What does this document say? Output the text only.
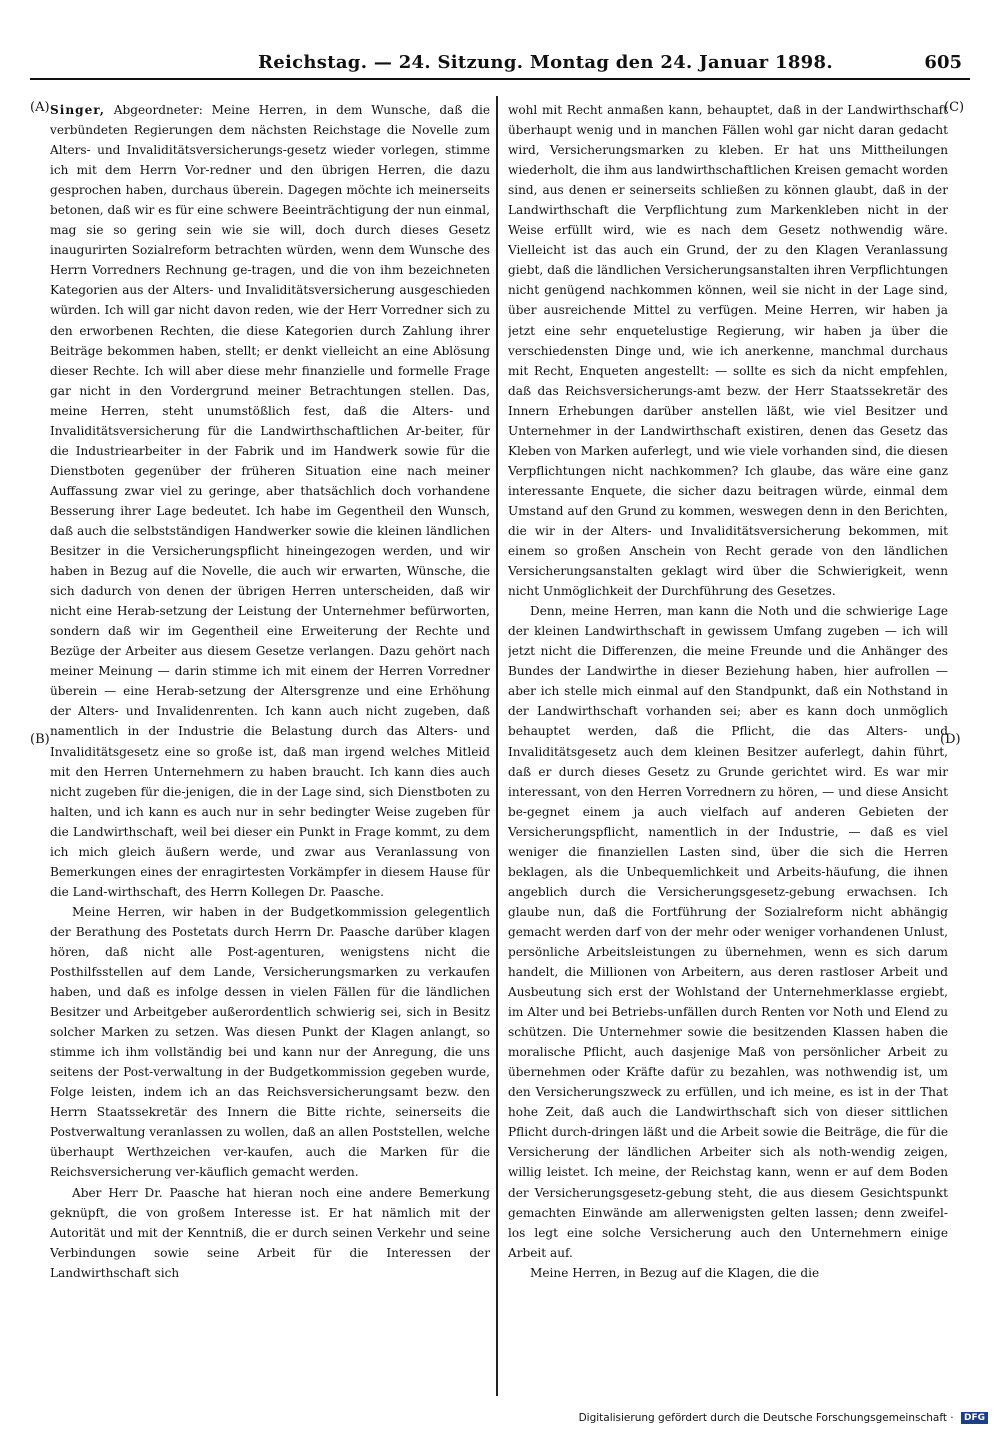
Reichstag. — 24. Sitzung. Montag den 24. Januar 1898.	605
(A)
(B)
(C)
(D)

Singer, Abgeordneter: Meine Herren, in dem Wunsche, daß die verbündeten Regierungen dem nächsten Reichstage die Novelle zum Alters- und Invaliditätsversicherungs-gesetz wieder vorlegen, stimme ich mit dem Herrn Vor-redner und den übrigen Herren, die dazu gesprochen haben, durchaus überein. Dagegen möchte ich meinerseits betonen, daß wir es für eine schwere Beeinträchtigung der nun einmal, mag sie so gering sein wie sie will, doch durch dieses Gesetz inaugurirten Sozialreform betrachten würden, wenn dem Wunsche des Herrn Vorredners Rechnung ge-tragen, und die von ihm bezeichneten Kategorien aus der Alters- und Invaliditätsversicherung ausgeschieden würden. Ich will gar nicht davon reden, wie der Herr Vorredner sich zu den erworbenen Rechten, die diese Kategorien durch Zahlung ihrer Beiträge bekommen haben, stellt; er denkt vielleicht an eine Ablösung dieser Rechte. Ich will aber diese mehr finanzielle und formelle Frage gar nicht in den Vordergrund meiner Betrachtungen stellen. Das, meine Herren, steht unumstößlich fest, daß die Alters- und Invaliditätsversicherung für die Landwirthschaftlichen Ar-beiter, für die Industriearbeiter in der Fabrik und im Handwerk sowie für die Dienstboten gegenüber der früheren Situation eine nach meiner Auffassung zwar viel zu geringe, aber thatsächlich doch vorhandene Besserung ihrer Lage bedeutet. Ich habe im Gegentheil den Wunsch, daß auch die selbstständigen Handwerker sowie die kleinen ländlichen Besitzer in die Versicherungspflicht hineingezogen werden, und wir haben in Bezug auf die Novelle, die auch wir erwarten, Wünsche, die sich dadurch von denen der übrigen Herren unterscheiden, daß wir nicht eine Herab-setzung der Leistung der Unternehmer befürworten, sondern daß wir im Gegentheil eine Erweiterung der Rechte und Bezüge der Arbeiter aus diesem Gesetze verlangen. Dazu gehört nach meiner Meinung — darin stimme ich mit einem der Herren Vorredner überein — eine Herab-setzung der Altersgrenze und eine Erhöhung der Alters- und Invalidenrenten. Ich kann auch nicht zugeben, daß namentlich in der Industrie die Belastung durch das Alters- und Invaliditätsgesetz eine so große ist, daß man irgend welches Mitleid mit den Herren Unternehmern zu haben braucht. Ich kann dies auch nicht zugeben für die-jenigen, die in der Lage sind, sich Dienstboten zu halten, und ich kann es auch nur in sehr bedingter Weise zugeben für die Landwirthschaft, weil bei dieser ein Punkt in Frage kommt, zu dem ich mich gleich äußern werde, und zwar aus Veranlassung von Bemerkungen eines der enragirtesten Vorkämpfer in diesem Hause für die Land-wirthschaft, des Herrn Kollegen Dr. Paasche.

Meine Herren, wir haben in der Budgetkommission gelegentlich der Berathung des Postetats durch Herrn Dr. Paasche darüber klagen hören, daß nicht alle Post-agenturen, wenigstens nicht die Posthilfsstellen auf dem Lande, Versicherungsmarken zu verkaufen haben, und daß es infolge dessen in vielen Fällen für die ländlichen Besitzer und Arbeitgeber außerordentlich schwierig sei, sich in Besitz solcher Marken zu setzen. Was diesen Punkt der Klagen anlangt, so stimme ich ihm vollständig bei und kann nur der Anregung, die uns seitens der Post-verwaltung in der Budgetkommission gegeben wurde, Folge leisten, indem ich an das Reichsversicherungsamt bezw. den Herrn Staatssekretär des Innern die Bitte richte, seinerseits die Postverwaltung veranlassen zu wollen, daß an allen Poststellen, welche überhaupt Werthzeichen ver-kaufen, auch die Marken für die Reichsversicherung ver-käuflich gemacht werden.

Aber Herr Dr. Paasche hat hieran noch eine andere Bemerkung geknüpft, die von großem Interesse ist. Er hat nämlich mit der Autorität und mit der Kenntniß, die er durch seinen Verkehr und seine Verbindungen sowie seine Arbeit für die Interessen der Landwirthschaft sich

wohl mit Recht anmaßen kann, behauptet, daß in der Landwirthschaft überhaupt wenig und in manchen Fällen wohl gar nicht daran gedacht wird, Versicherungsmarken zu kleben. Er hat uns Mittheilungen wiederholt, die ihm aus landwirthschaftlichen Kreisen gemacht worden sind, aus denen er seinerseits schließen zu können glaubt, daß in der Landwirthschaft die Verpflichtung zum Markenkleben nicht in der Weise erfüllt wird, wie es nach dem Gesetz nothwendig wäre. Vielleicht ist das auch ein Grund, der zu den Klagen Veranlassung giebt, daß die ländlichen Versicherungsanstalten ihren Verpflichtungen nicht genügend nachkommen können, weil sie nicht in der Lage sind, über ausreichende Mittel zu verfügen. Meine Herren, wir haben ja jetzt eine sehr enquetelustige Regierung, wir haben ja über die verschiedensten Dinge und, wie ich anerkenne, manchmal durchaus mit Recht, Enqueten angestellt: — sollte es sich da nicht empfehlen, daß das Reichsversicherungs-amt bezw. der Herr Staatssekretär des Innern Erhebungen darüber anstellen läßt, wie viel Besitzer und Unternehmer in der Landwirthschaft existiren, denen das Gesetz das Kleben von Marken auferlegt, und wie viele vorhanden sind, die diesen Verpflichtungen nicht nachkommen? Ich glaube, das wäre eine ganz interessante Enquete, die sicher dazu beitragen würde, einmal dem Umstand auf den Grund zu kommen, weswegen denn in den Berichten, die wir in der Alters- und Invaliditätsversicherung bekommen, mit einem so großen Anschein von Recht gerade von den ländlichen Versicherungsanstalten geklagt wird über die Schwierigkeit, wenn nicht Unmöglichkeit der Durchführung des Gesetzes.

Denn, meine Herren, man kann die Noth und die schwierige Lage der kleinen Landwirthschaft in gewissem Umfang zugeben — ich will jetzt nicht die Differenzen, die meine Freunde und die Anhänger des Bundes der Landwirthe in dieser Beziehung haben, hier aufrollen — aber ich stelle mich einmal auf den Standpunkt, daß ein Nothstand in der Landwirthschaft vorhanden sei; aber es kann doch unmöglich behauptet werden, daß die Pflicht, die das Alters- und Invaliditätsgesetz auch dem kleinen Besitzer auferlegt, dahin führt, daß er durch dieses Gesetz zu Grunde gerichtet wird. Es war mir interessant, von den Herren Vorrednern zu hören, — und diese Ansicht be-gegnet einem ja auch vielfach auf anderen Gebieten der Versicherungspflicht, namentlich in der Industrie, — daß es viel weniger die finanziellen Lasten sind, über die sich die Herren beklagen, als die Unbequemlichkeit und Arbeits-häufung, die ihnen angeblich durch die Versicherungsgesetz-gebung erwachsen. Ich glaube nun, daß die Fortführung der Sozialreform nicht abhängig gemacht werden darf von der mehr oder weniger vorhandenen Unlust, persönliche Arbeitsleistungen zu übernehmen, wenn es sich darum handelt, die Millionen von Arbeitern, aus deren rastloser Arbeit und Ausbeutung sich erst der Wohlstand der Unternehmerklasse ergiebt, im Alter und bei Betriebs-unfällen durch Renten vor Noth und Elend zu schützen. Die Unternehmer sowie die besitzenden Klassen haben die moralische Pflicht, auch dasjenige Maß von persönlicher Arbeit zu übernehmen oder Kräfte dafür zu bezahlen, was nothwendig ist, um den Versicherungszweck zu erfüllen, und ich meine, es ist in der That hohe Zeit, daß auch die Landwirthschaft sich von dieser sittlichen Pflicht durch-dringen läßt und die Arbeit sowie die Beiträge, die für die Versicherung der ländlichen Arbeiter sich als noth-wendig zeigen, willig leistet. Ich meine, der Reichstag kann, wenn er auf dem Boden der Versicherungsgesetz-gebung steht, die aus diesem Gesichtspunkt gemachten Einwände am allerwenigsten gelten lassen; denn zweifel-los legt eine solche Versicherung auch den Unternehmern einige Arbeit auf.

Meine Herren, in Bezug auf die Klagen, die die

Digitalisierung gefördert durch die Deutsche Forschungsgemeinschaft · DFG
